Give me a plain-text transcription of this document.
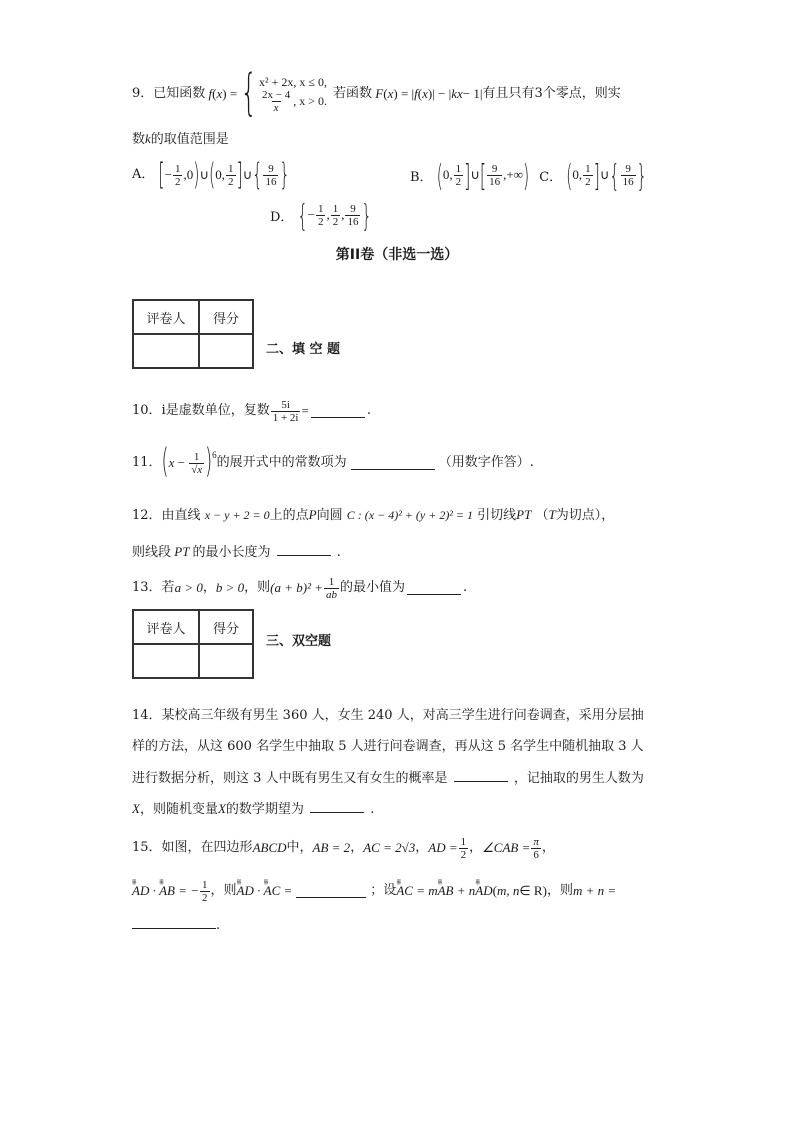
9． 已知函数 f ( x ) = { x² + 2x, x ≤ 0,
$\frac{2x - 4}{x}$ , x > 0. 若函数 F ( x ) = | f ( x )| − | kx − 1| 有且只有3个零点，则实
数k的取值范围是
A． [ − $\frac{1}{2} ,0$ ) ∪ ( 0, $\frac{1}{2}$ ] ∪ { $\frac{9}{16}$ }	B． ( 0, $\frac{1}{2}$ ] ∪ [ $\frac{9}{16}$ ,+∞ ) C． ( 0, $\frac{1}{2}$ ] ∪ { $\frac{9}{16}$ }
D． { − $\frac{1}{2}$ , $\frac{1}{2}$ , $\frac{9}{16}$ }
第II卷（非选一选）
评卷人	得分

二、填 空 题
10． i是虚数单位，复数 $\frac{5i}{1 + 2i}$ =	.
11． ( $x - \frac{1}{√x} )^6$ 的展开式中的常数项为	（用数字作答）.
12．由直线 x − y + 2 = 0上的点P向圆 C : (x − 4)² + (y + 2)² = 1 引切线PT （T为切点），
则线段 PT 的最小长度为	.
13． 若 a > 0 ， b > 0 ，则 $(a + b)^2 + \frac{1}{ab}$ 的最小值为	.
评卷人	得分

三、双空题
14．某校高三年级有男生 360 人，女生 240 人，对高三学生进行问卷调查，采用分层抽
样的方法，从这 600 名学生中抽取 5 人进行问卷调查，再从这 5 名学生中随机抽取 3 人
进行数据分析，则这 3 人中既有男生又有女生的概率是	，记抽取的男生人数为
X，则随机变量X的数学期望为	.
15． 如图，在四边形 ABCD 中， AB = 2 ， AC = 2√3 ， AD = $\frac{1}{2}$ ， ∠CAB = $\frac{\pi}{6}$ ，
⫳⫳ AD · ⫳⫳ AB = − $\frac{1}{2}$ ，则 ⫳⫳ AD · ⫳⫳ AC =	；设 ⫳⫳ AC = m⫳⫳ AB + n⫳⫳ AD ( m, n ∈ R) ，则 m + n =
.
